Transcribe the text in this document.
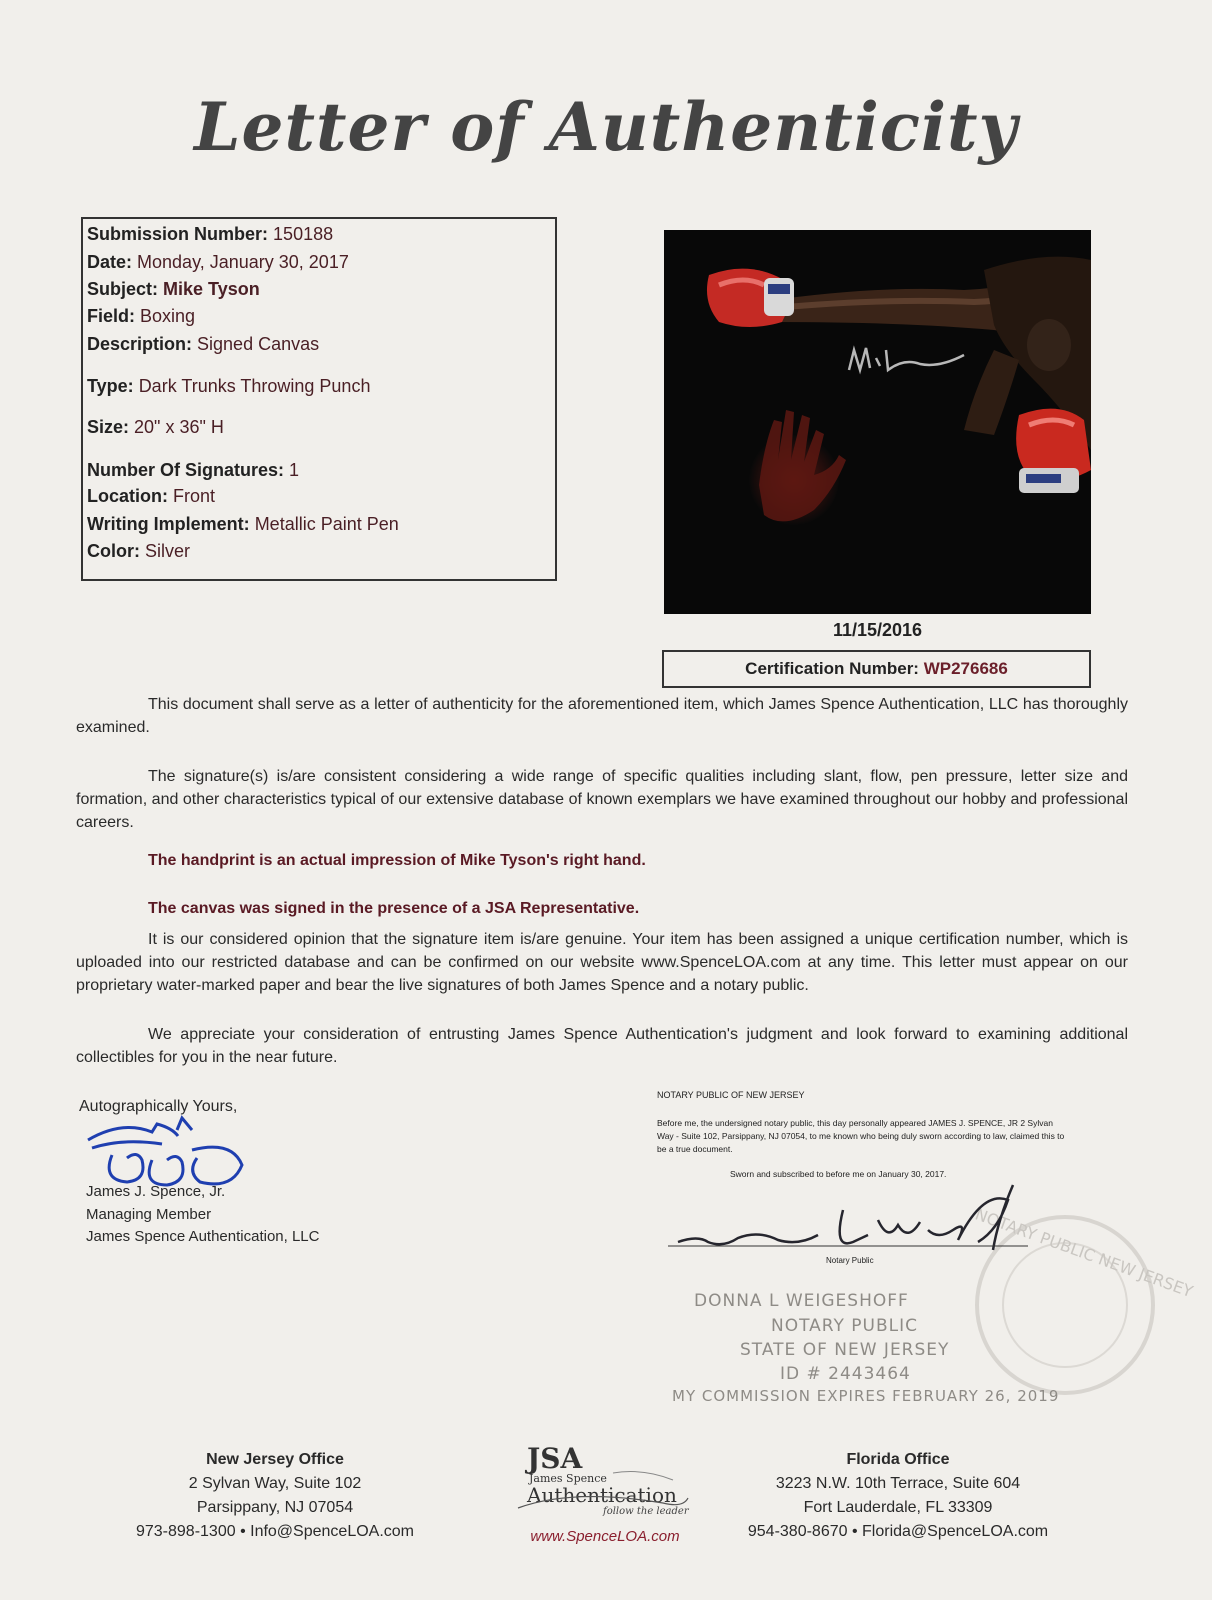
Letter of Authenticity
Submission Number: 150188
Date: Monday, January 30, 2017
Subject: Mike Tyson
Field: Boxing
Description: Signed Canvas
Type: Dark Trunks Throwing Punch
Size: 20" x 36" H
Number Of Signatures: 1
Location: Front
Writing Implement: Metallic Paint Pen
Color: Silver
11/15/2016
Certification Number: WP276686
This document shall serve as a letter of authenticity for the aforementioned item, which James Spence Authentication, LLC has thoroughly examined.
The signature(s) is/are consistent considering a wide range of specific qualities including slant, flow, pen pressure, letter size and formation, and other characteristics typical of our extensive database of known exemplars we have examined throughout our hobby and professional careers.
The handprint is an actual impression of Mike Tyson's right hand.
The canvas was signed in the presence of a JSA Representative.
It is our considered opinion that the signature item is/are genuine. Your item has been assigned a unique certification number, which is uploaded into our restricted database and can be confirmed on our website www.SpenceLOA.com at any time. This letter must appear on our proprietary water-marked paper and bear the live signatures of both James Spence and a notary public.
We appreciate your consideration of entrusting James Spence Authentication's judgment and look forward to examining additional collectibles for you in the near future.
Autographically Yours,
James J. Spence, Jr.
Managing Member
James Spence Authentication, LLC
NOTARY PUBLIC OF NEW JERSEY
Before me, the undersigned notary public, this day personally appeared JAMES J. SPENCE, JR 2 Sylvan Way - Suite 102, Parsippany, NJ 07054, to me known who being duly sworn according to law, claimed this to be a true document.
Sworn and subscribed to before me on January 30, 2017.
NOTARY PUBLIC NEW JERSEY
Notary Public
DONNA L WEIGESHOFF
NOTARY PUBLIC
STATE OF NEW JERSEY
ID # 2443464
MY COMMISSION EXPIRES FEBRUARY 26, 2019
New Jersey Office
2 Sylvan Way, Suite 102
Parsippany, NJ 07054
973-898-1300 • Info@SpenceLOA.com
JSA
James Spence
Authentication
follow the leader
www.SpenceLOA.com
Florida Office
3223 N.W. 10th Terrace, Suite 604
Fort Lauderdale, FL 33309
954-380-8670 • Florida@SpenceLOA.com
